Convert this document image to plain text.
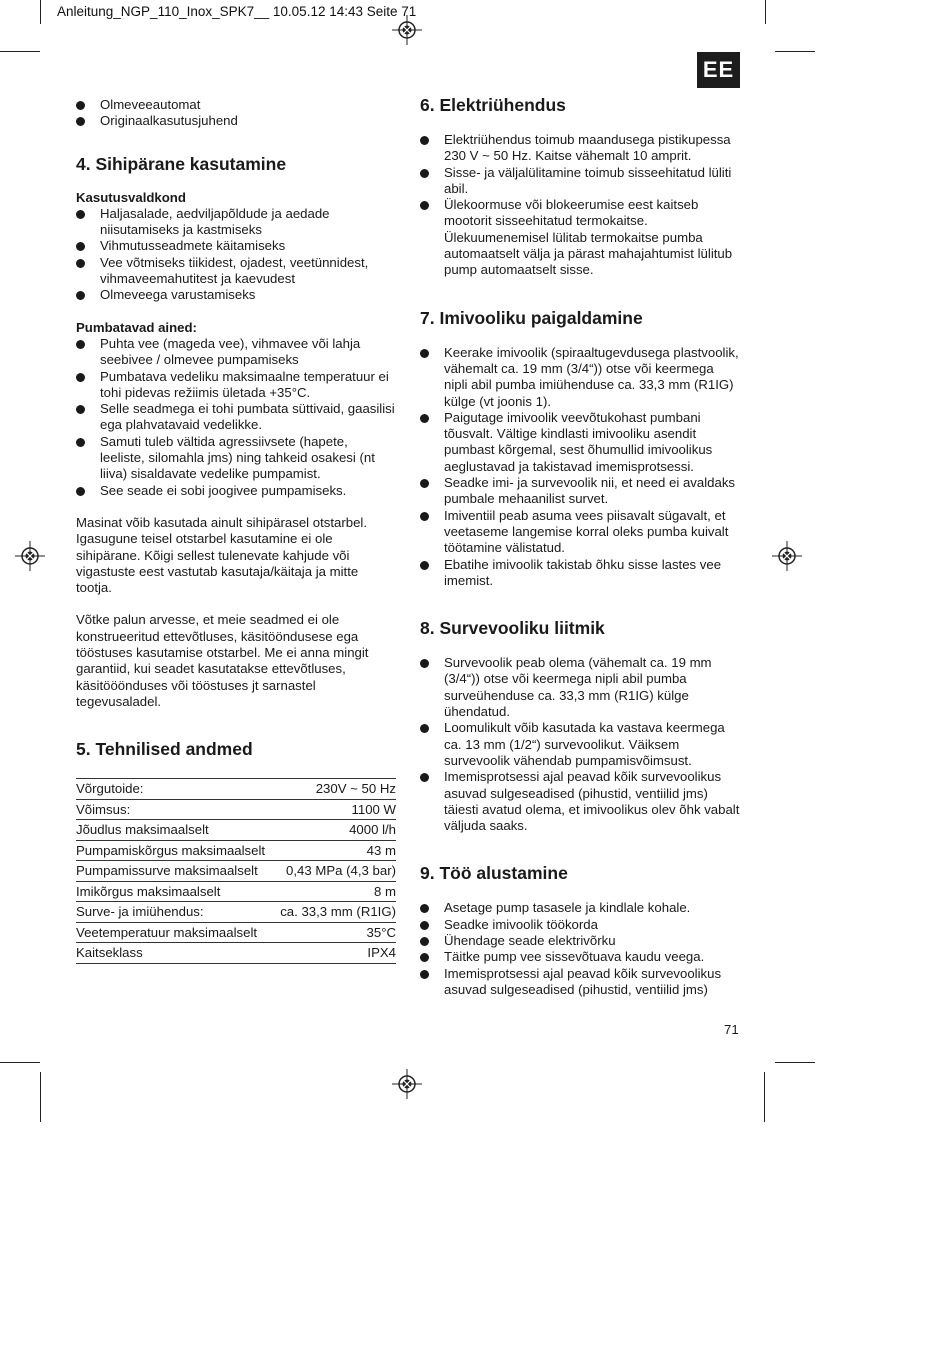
Anleitung_NGP_110_Inox_SPK7__ 10.05.12 14:43 Seite 71
EE
Olmeveeautomat
Originaalkasutusjuhend
4. Sihipärane kasutamine
Kasutusvaldkond
Haljasalade, aedviljapõldude ja aedade niisutamiseks ja kastmiseks
Vihmutusseadmete käitamiseks
Vee võtmiseks tiikidest, ojadest, veetünnidest, vihmaveemahutitest ja kaevudest
Olmeveega varustamiseks
Pumbatavad ained:
Puhta vee (mageda vee), vihmavee või lahja seebivee / olmevee pumpamiseks
Pumbatava vedeliku maksimaalne temperatuur ei tohi pidevas režiimis ületada +35°C.
Selle seadmega ei tohi pumbata süttivaid, gaasilisi ega plahvatavaid vedelikke.
Samuti tuleb vältida agressiivsete (hapete, leeliste, silomahla jms) ning tahkeid osakesi (nt liiva) sisaldavate vedelike pumpamist.
See seade ei sobi joogivee pumpamiseks.

Masinat võib kasutada ainult sihipärasel otstarbel. Igasugune teisel otstarbel kasutamine ei ole sihipärane. Kõigi sellest tulenevate kahjude või vigastuste eest vastutab kasutaja/käitaja ja mitte tootja.

Võtke palun arvesse, et meie seadmed ei ole konstrueeritud ettevõtluses, käsitööndusese ega tööstuses kasutamise otstarbel. Me ei anna mingit garantiid, kui seadet kasutatakse ettevõtluses, käsitööönduses või tööstuses jt sarnastel tegevusaladel.

5. Tehnilised andmed
Võrgutoide:	230V ~ 50 Hz
Võimsus:	1100 W
Jõudlus maksimaalselt	4000 l/h
Pumpamiskõrgus maksimaalselt	43 m
Pumpamissurve maksimaalselt	0,43 MPa (4,3 bar)
Imikõrgus maksimaalselt	8 m
Surve- ja imiühendus:	ca. 33,3 mm (R1IG)
Veetemperatuur maksimaalselt	35°C
Kaitseklass	IPX4
6. Elektriühendus
Elektriühendus toimub maandusega pistikupessa 230 V ~ 50 Hz. Kaitse vähemalt 10 amprit.
Sisse- ja väljalülitamine toimub sisseehitatud lüliti abil.
Ülekoormuse või blokeerumise eest kaitseb mootorit sisseehitatud termokaitse. Ülekuumenemisel lülitab termokaitse pumba automaatselt välja ja pärast mahajahtumist lülitub pump automaatselt sisse.
7. Imivooliku paigaldamine
Keerake imivoolik (spiraaltugevdusega plastvoolik, vähemalt ca. 19 mm (3/4“)) otse või keermega nipli abil pumba imiühenduse ca. 33,3 mm (R1IG) külge (vt joonis 1).
Paigutage imivoolik veevõtukohast pumbani tõusvalt. Vältige kindlasti imivooliku asendit pumbast kõrgemal, sest õhumullid imivoolikus aeglustavad ja takistavad imemisprotsessi.
Seadke imi- ja survevoolik nii, et need ei avaldaks pumbale mehaanilist survet.
Imiventiil peab asuma vees piisavalt sügavalt, et veetaseme langemise korral oleks pumba kuivalt töötamine välistatud.
Ebatihe imivoolik takistab õhku sisse lastes vee imemist.
8. Survevooliku liitmik
Survevoolik peab olema (vähemalt ca. 19 mm (3/4“)) otse või keermega nipli abil pumba surveühenduse ca. 33,3 mm (R1IG) külge ühendatud.
Loomulikult võib kasutada ka vastava keermega ca. 13 mm (1/2“) survevoolikut. Väiksem survevoolik vähendab pumpamisvõimsust.
Imemisprotsessi ajal peavad kõik survevoolikus asuvad sulgeseadised (pihustid, ventiilid jms) täiesti avatud olema, et imivoolikus olev õhk vabalt väljuda saaks.
9. Töö alustamine
Asetage pump tasasele ja kindlale kohale.
Seadke imivoolik töökorda
Ühendage seade elektrivõrku
Täitke pump vee sissevõtuava kaudu veega.
Imemisprotsessi ajal peavad kõik survevoolikus asuvad sulgeseadised (pihustid, ventiilid jms)
71
